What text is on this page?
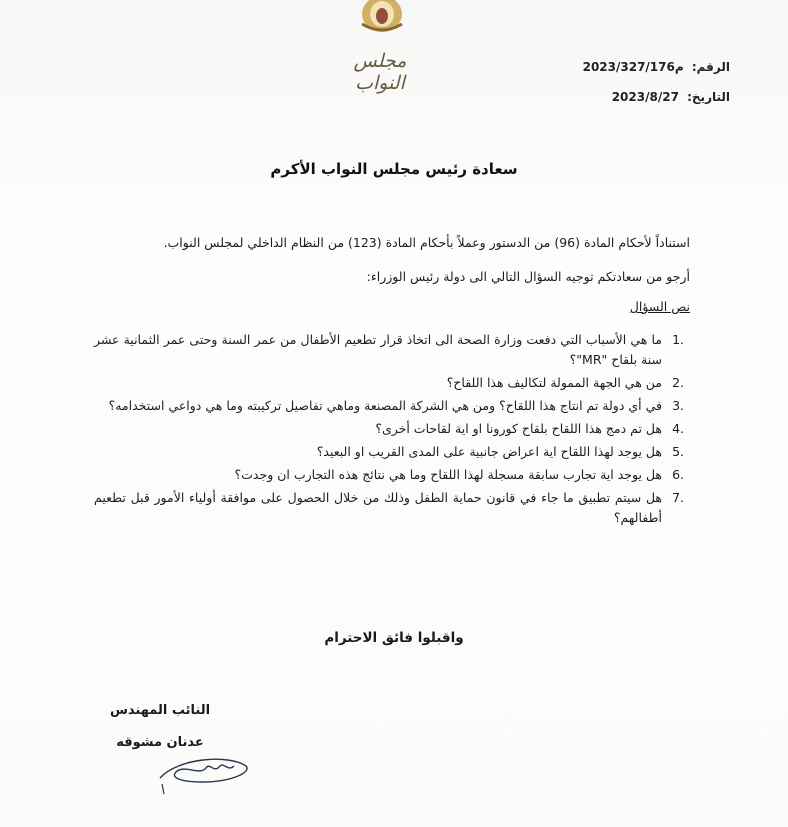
مجلس النواب
الرقم: م2023/327/176
التاريخ: 2023/8/27
سعادة رئيس مجلس النواب الأكرم
استناداً لأحكام المادة (96) من الدستور وعملاً بأحكام المادة (123) من النظام الداخلي لمجلس النواب.
أرجو من سعادتكم توجيه السؤال التالي الى دولة رئيس الوزراء:
نص السؤال
1.
ما هي الأسباب التي دفعت وزارة الصحة الى اتخاذ قرار تطعيم الأطفال من عمر السنة وحتى عمر الثمانية عشر سنة بلقاح "MR"؟
2.
من هي الجهة الممولة لتكاليف هذا اللقاح؟
3.
في أي دولة تم انتاج هذا اللقاح؟ ومن هي الشركة المصنعة وماهي تفاصيل تركيبته وما هي دواعي استخدامه؟
4.
هل تم دمج هذا اللقاح بلقاح كورونا او اية لقاحات أخرى؟
5.
هل يوجد لهذا اللقاح اية اعراض جانبية على المدى القريب او البعيد؟
6.
هل يوجد اية تجارب سابقة مسجلة لهذا اللقاح وما هي نتائج هذه التجارب ان وجدت؟
7.
هل سيتم تطبيق ما جاء في قانون حماية الطفل وذلك من خلال الحصول على موافقة أولياء الأمور قبل تطعيم أطفالهم؟
واقبلوا فائق الاحترام
النائب المهندس
عدنان مشوقه
